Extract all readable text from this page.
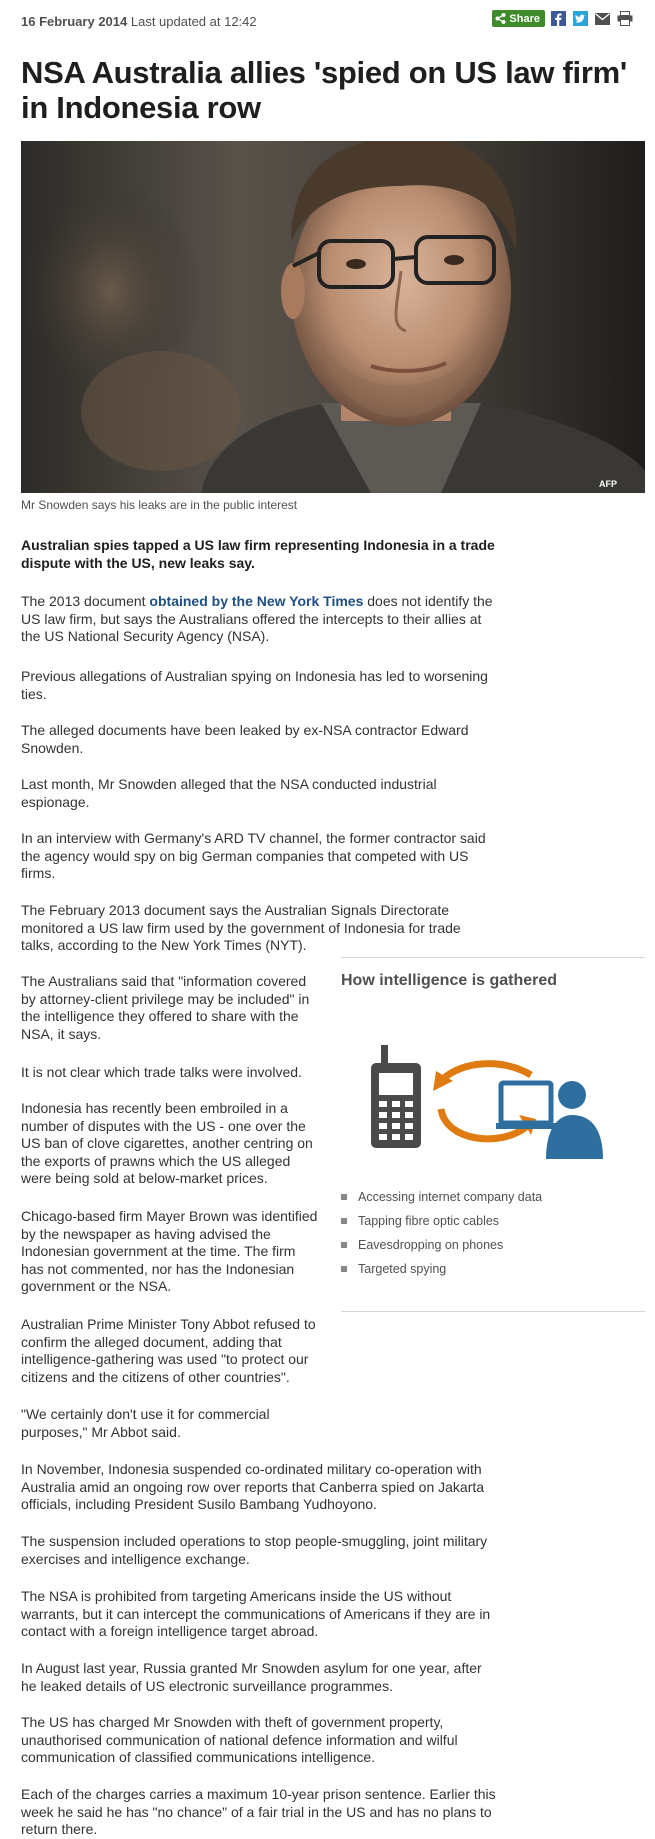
16 February 2014 Last updated at 12:42	Share
NSA Australia allies 'spied on US law firm' in Indonesia row
AFP
Mr Snowden says his leaks are in the public interest

Australian spies tapped a US law firm representing Indonesia in a trade dispute with the US, new leaks say.

The 2013 document obtained by the New York Times does not identify the US law firm, but says the Australians offered the intercepts to their allies at the US National Security Agency (NSA).

Previous allegations of Australian spying on Indonesia has led to worsening ties.
The alleged documents have been leaked by ex-NSA contractor Edward Snowden.
Last month, Mr Snowden alleged that the NSA conducted industrial espionage.
In an interview with Germany's ARD TV channel, the former contractor said the agency would spy on big German companies that competed with US firms.
The February 2013 document says the Australian Signals Directorate monitored a US law firm used by the government of Indonesia for trade talks, according to the New York Times (NYT).
The Australians said that "information covered by attorney-client privilege may be included" in the intelligence they offered to share with the NSA, it says.
It is not clear which trade talks were involved.
Indonesia has recently been embroiled in a number of disputes with the US - one over the US ban of clove cigarettes, another centring on the exports of prawns which the US alleged were being sold at below-market prices.
Chicago-based firm Mayer Brown was identified by the newspaper as having advised the Indonesian government at the time. The firm has not commented, nor has the Indonesian government or the NSA.
Australian Prime Minister Tony Abbot refused to confirm the alleged document, adding that intelligence-gathering was used "to protect our citizens and the citizens of other countries".
"We certainly don't use it for commercial purposes," Mr Abbot said.
In November, Indonesia suspended co-ordinated military co-operation with Australia amid an ongoing row over reports that Canberra spied on Jakarta officials, including President Susilo Bambang Yudhoyono.
The suspension included operations to stop people-smuggling, joint military exercises and intelligence exchange.
The NSA is prohibited from targeting Americans inside the US without warrants, but it can intercept the communications of Americans if they are in contact with a foreign intelligence target abroad.
In August last year, Russia granted Mr Snowden asylum for one year, after he leaked details of US electronic surveillance programmes.
The US has charged Mr Snowden with theft of government property, unauthorised communication of national defence information and wilful communication of classified communications intelligence.
Each of the charges carries a maximum 10-year prison sentence. Earlier this week he said he has "no chance" of a fair trial in the US and has no plans to return there.
How intelligence is gathered
Accessing internet company data
Tapping fibre optic cables
Eavesdropping on phones
Targeted spying
